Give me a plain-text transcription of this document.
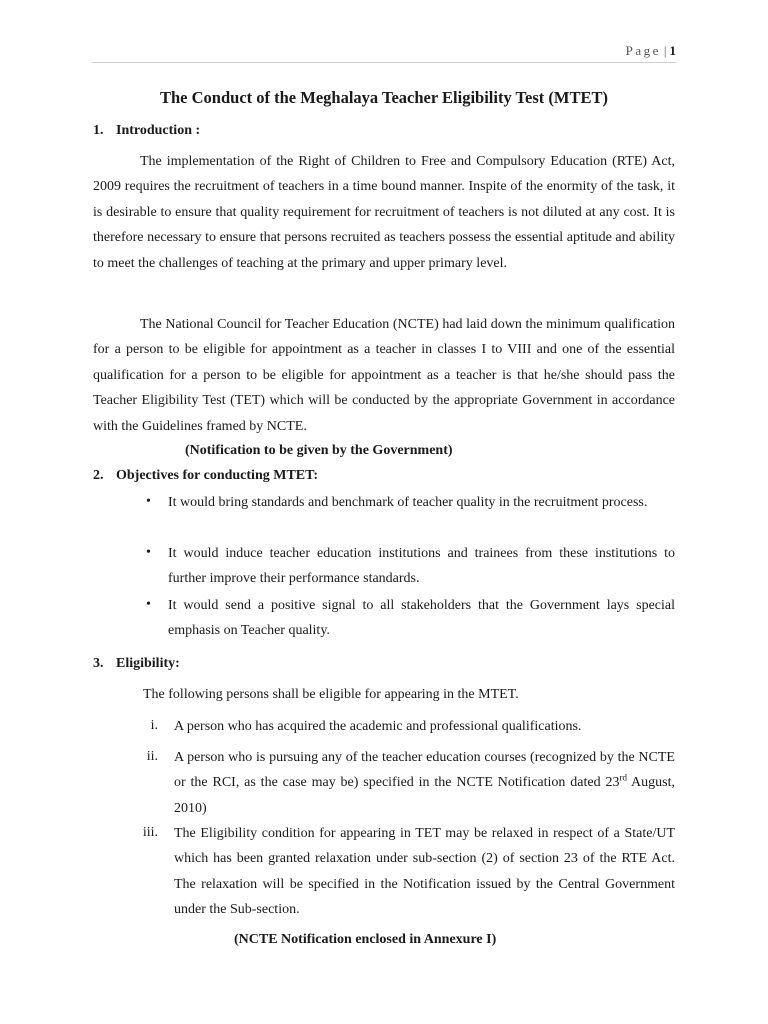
Page | 1
The Conduct of the Meghalaya Teacher Eligibility Test (MTET)
1. Introduction :
The implementation of the Right of Children to Free and Compulsory Education (RTE) Act, 2009 requires the recruitment of teachers in a time bound manner. Inspite of the enormity of the task, it is desirable to ensure that quality requirement for recruitment of teachers is not diluted at any cost. It is therefore necessary to ensure that persons recruited as teachers possess the essential aptitude and ability to meet the challenges of teaching at the primary and upper primary level.
The National Council for Teacher Education (NCTE) had laid down the minimum qualification for a person to be eligible for appointment as a teacher in classes I to VIII and one of the essential qualification for a person to be eligible for appointment as a teacher is that he/she should pass the Teacher Eligibility Test (TET) which will be conducted by the appropriate Government in accordance with the Guidelines framed by NCTE.
(Notification to be given by the Government)
2. Objectives for conducting MTET:
• It would bring standards and benchmark of teacher quality in the recruitment process.
• It would induce teacher education institutions and trainees from these institutions to further improve their performance standards.
• It would send a positive signal to all stakeholders that the Government lays special emphasis on Teacher quality.
3. Eligibility:
The following persons shall be eligible for appearing in the MTET.
i. A person who has acquired the academic and professional qualifications.
ii. A person who is pursuing any of the teacher education courses (recognized by the NCTE or the RCI, as the case may be) specified in the NCTE Notification dated 23rd August, 2010)
iii. The Eligibility condition for appearing in TET may be relaxed in respect of a State/UT which has been granted relaxation under sub-section (2) of section 23 of the RTE Act. The relaxation will be specified in the Notification issued by the Central Government under the Sub-section.
(NCTE Notification enclosed in Annexure I)
